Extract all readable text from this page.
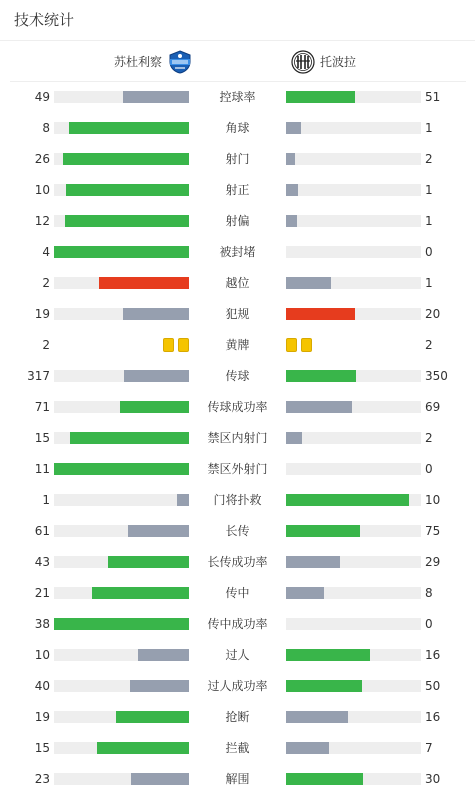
技术统计
苏杜利察	托波拉
49	控球率	51
8	角球	1
26	射门	2
10	射正	1
12	射偏	1
4	被封堵	0
2	越位	1
19	犯规	20
2	黄牌	2
317	传球	350
71	传球成功率	69
15	禁区内射门	2
11	禁区外射门	0
1	门将扑救	10
61	长传	75
43	长传成功率	29
21	传中	8
38	传中成功率	0
10	过人	16
40	过人成功率	50
19	抢断	16
15	拦截	7
23	解围	30
